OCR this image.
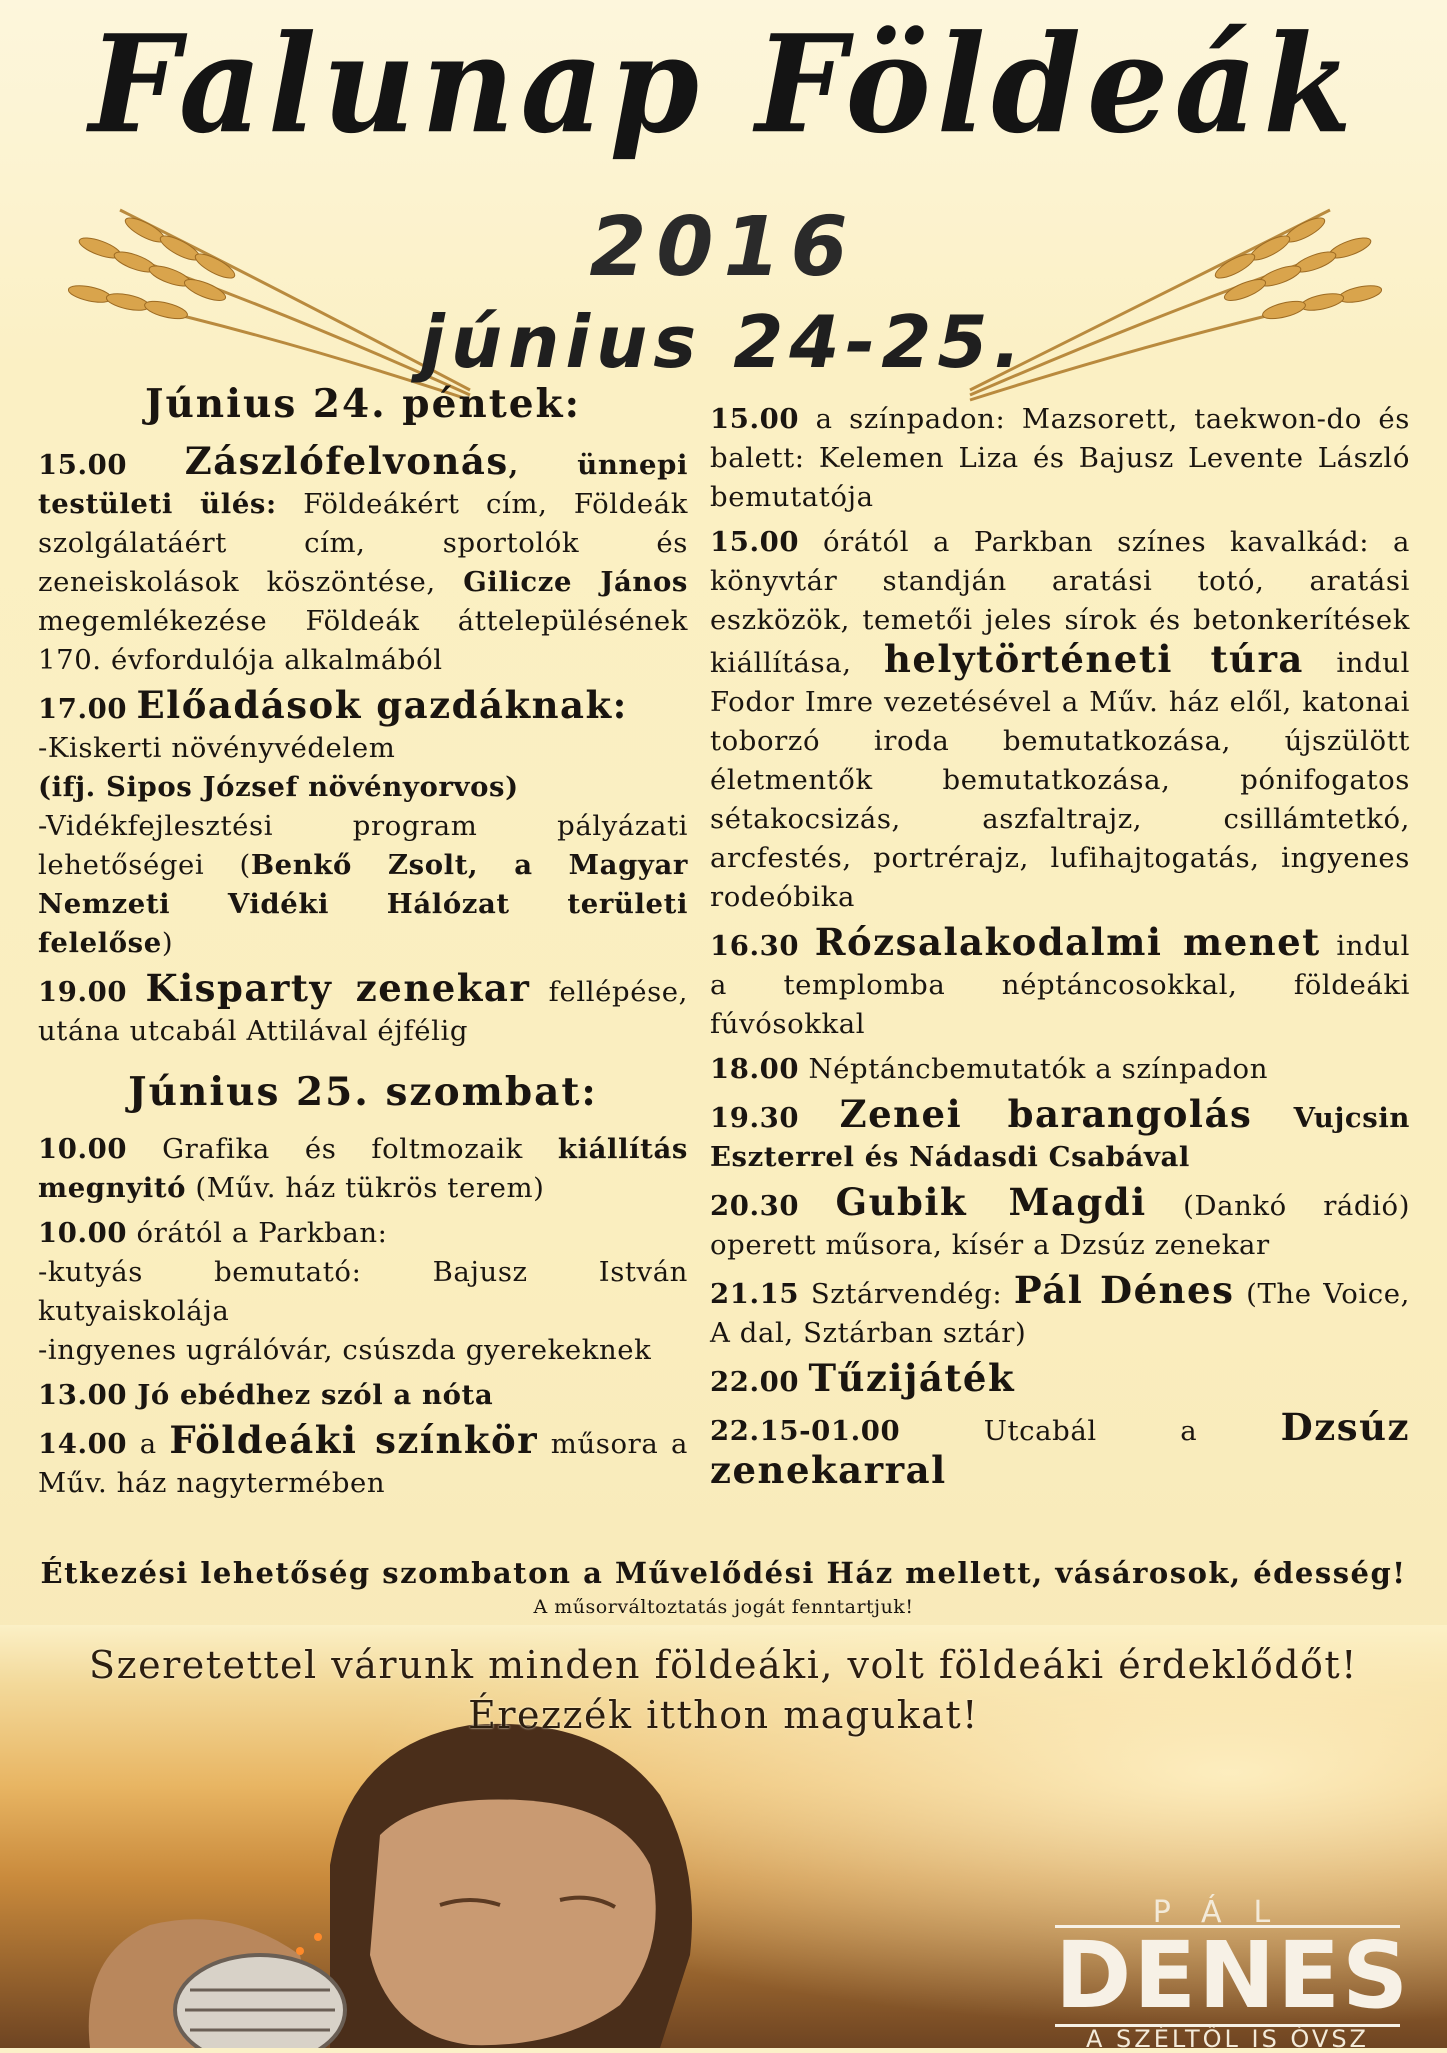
Falunap Földeák
2016
június 24-25.
Június 24. péntek:
15.00 Zászlófelvonás, ünnepi testületi ülés: Földeákért cím, Földeák szolgálatáért cím, sportolók és zeneiskolások köszöntése, Gilicze János megemlékezése Földeák áttelepülésének 170. évfordulója alkalmából
17.00 Előadások gazdáknak:
-Kiskerti növényvédelem
(ifj. Sipos József növényorvos)
-Vidékfejlesztési program pályázati lehetőségei (Benkő Zsolt, a Magyar Nemzeti Vidéki Hálózat területi felelőse)
19.00 Kisparty zenekar fellépése, utána utcabál Attilával éjfélig
Június 25. szombat:
10.00 Grafika és foltmozaik kiállítás megnyitó (Műv. ház tükrös terem)
10.00 órától a Parkban:
-kutyás bemutató: Bajusz István kutyaiskolája
-ingyenes ugrálóvár, csúszda gyerekeknek
13.00 Jó ebédhez szól a nóta
14.00 a Földeáki színkör műsora a Műv. ház nagytermében
15.00 a színpadon: Mazsorett, taekwon-do és balett: Kelemen Liza és Bajusz Levente László bemutatója
15.00 órától a Parkban színes kavalkád: a könyvtár standján aratási totó, aratási eszközök, temetői jeles sírok és betonkerítések kiállítása, helytörténeti túra indul Fodor Imre vezetésével a Műv. ház elől, katonai toborzó iroda bemutatkozása, újszülött életmentők bemutatkozása, pónifogatos sétakocsizás, aszfaltrajz, csillámtetkó, arcfestés, portrérajz, lufihajtogatás, ingyenes rodeóbika
16.30 Rózsalakodalmi menet indul a templomba néptáncosokkal, földeáki fúvósokkal
18.00 Néptáncbemutatók a színpadon
19.30 Zenei barangolás Vujcsin Eszterrel és Nádasdi Csabával
20.30 Gubik Magdi (Dankó rádió) operett műsora, kísér a Dzsúz zenekar
21.15 Sztárvendég: Pál Dénes (The Voice, A dal, Sztárban sztár)
22.00 Tűzijáték
22.15-01.00 Utcabál a Dzsúz zenekarral
Étkezési lehetőség szombaton a Művelődési Ház mellett, vásárosok, édesség!
A műsorváltoztatás jogát fenntartjuk!
Szeretettel várunk minden földeáki, volt földeáki érdeklődőt!
Érezzék itthon magukat!
PÁL
DENES
A SZÉLTŐL IS ÓVSZ
